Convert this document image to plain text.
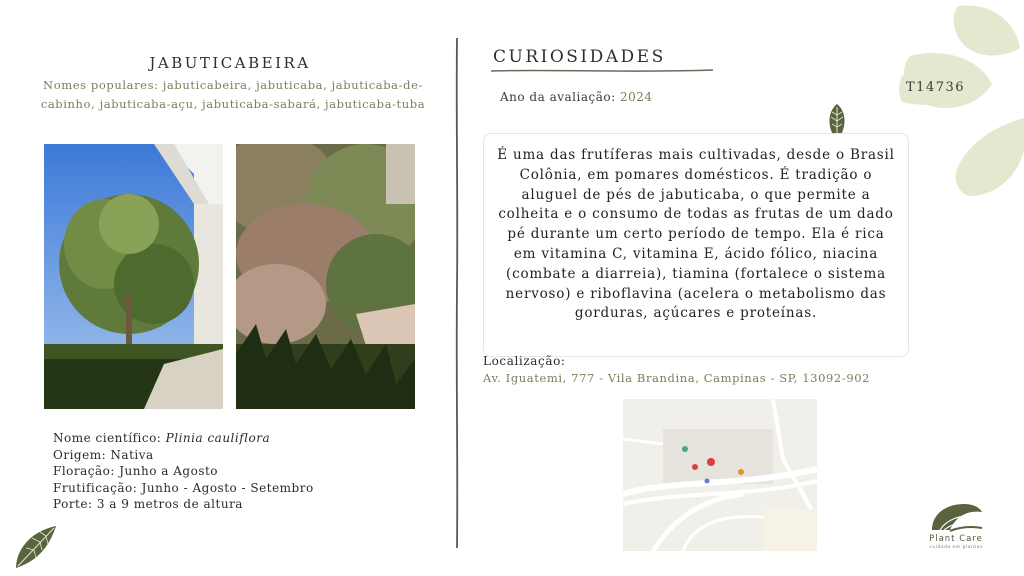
JABUTICABEIRA
Nomes populares: jabuticabeira, jabuticaba, jabuticaba-de-cabinho, jabuticaba-açu, jabuticaba-sabará, jabuticaba-tuba
Nome científico: Plinia cauliflora
Origem: Nativa
Floração: Junho a Agosto
Frutificação: Junho - Agosto - Setembro
Porte: 3 a 9 metros de altura
CURIOSIDADES
Ano da avaliação: 2024
É uma das frutíferas mais cultivadas, desde o Brasil Colônia, em pomares domésticos. É tradição o aluguel de pés de jabuticaba, o que permite a colheita e o consumo de todas as frutas de um dado pé durante um certo período de tempo. Ela é rica em vitamina C, vitamina E, ácido fólico, niacina (combate a diarreia), tiamina (fortalece o sistema nervoso) e riboflavina (acelera o metabolismo das gorduras, açúcares e proteínas.
Localização:
Av. Iguatemi, 777 - Vila Brandina, Campinas - SP, 13092-902
T14736
Plant Care
cuidado em plantas
